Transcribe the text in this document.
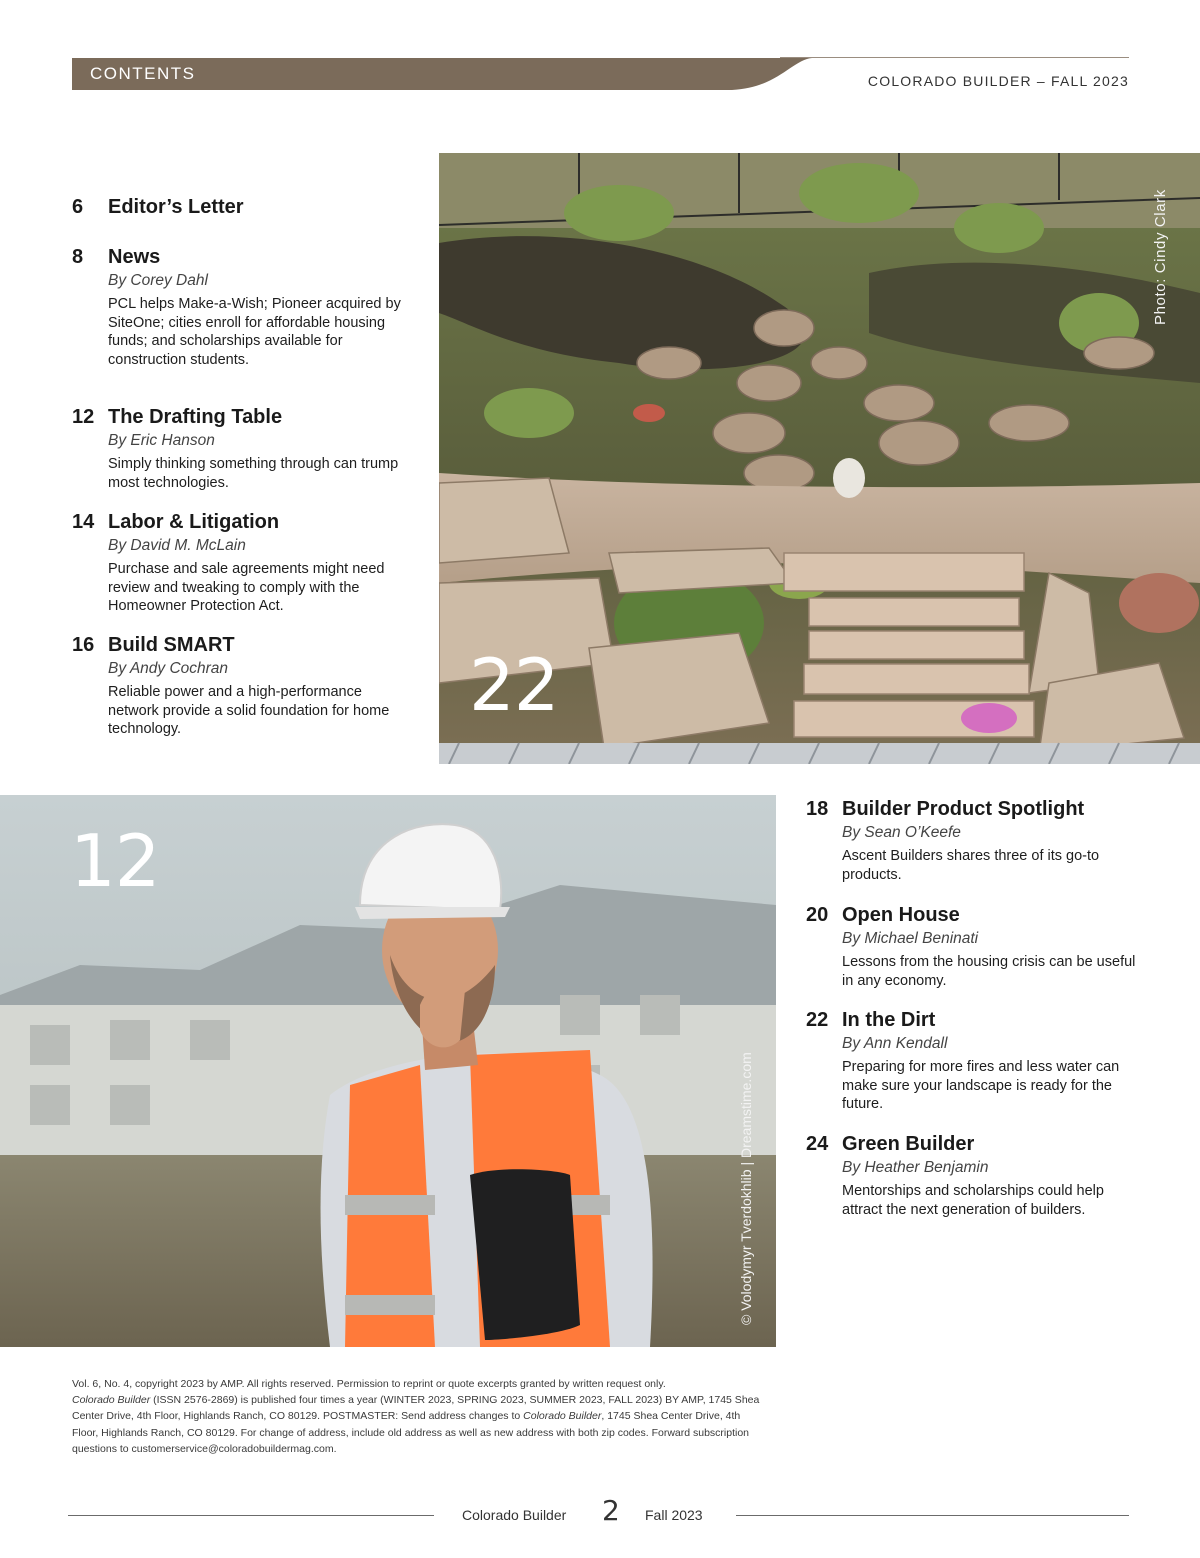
CONTENTS	COLORADO BUILDER – FALL 2023
22
Photo: Cindy Clark
12
© Volodymyr Tverdokhlib | Dreamstime.com
6 Editor’s Letter
8 News
By Corey Dahl
PCL helps Make-a-Wish; Pioneer acquired by SiteOne; cities enroll for affordable housing funds; and scholarships available for construction students.
12 The Drafting Table
By Eric Hanson
Simply thinking something through can trump most technologies.
14 Labor & Litigation
By David M. McLain
Purchase and sale agreements might need review and tweaking to comply with the Homeowner Protection Act.
16 Build SMART
By Andy Cochran
Reliable power and a high-performance network provide a solid foundation for home technology.
18 Builder Product Spotlight
By Sean O’Keefe
Ascent Builders shares three of its go-to products.
20 Open House
By Michael Beninati
Lessons from the housing crisis can be useful in any economy.
22 In the Dirt
By Ann Kendall
Preparing for more fires and less water can make sure your landscape is ready for the future.
24 Green Builder
By Heather Benjamin
Mentorships and scholarships could help attract the next generation of builders.
Vol. 6, No. 4, copyright 2023 by AMP. All rights reserved. Permission to reprint or quote excerpts granted by written request only.
Colorado Builder (ISSN 2576-2869) is published four times a year (WINTER 2023, SPRING 2023, SUMMER 2023, FALL 2023) BY AMP, 1745 Shea Center Drive, 4th Floor, Highlands Ranch, CO 80129. POSTMASTER: Send address changes to Colorado Builder, 1745 Shea Center Drive, 4th Floor, Highlands Ranch, CO 80129. For change of address, include old address as well as new address with both zip codes. Forward subscription questions to customerservice@coloradobuildermag.com.
Colorado Builder 2 Fall 2023
